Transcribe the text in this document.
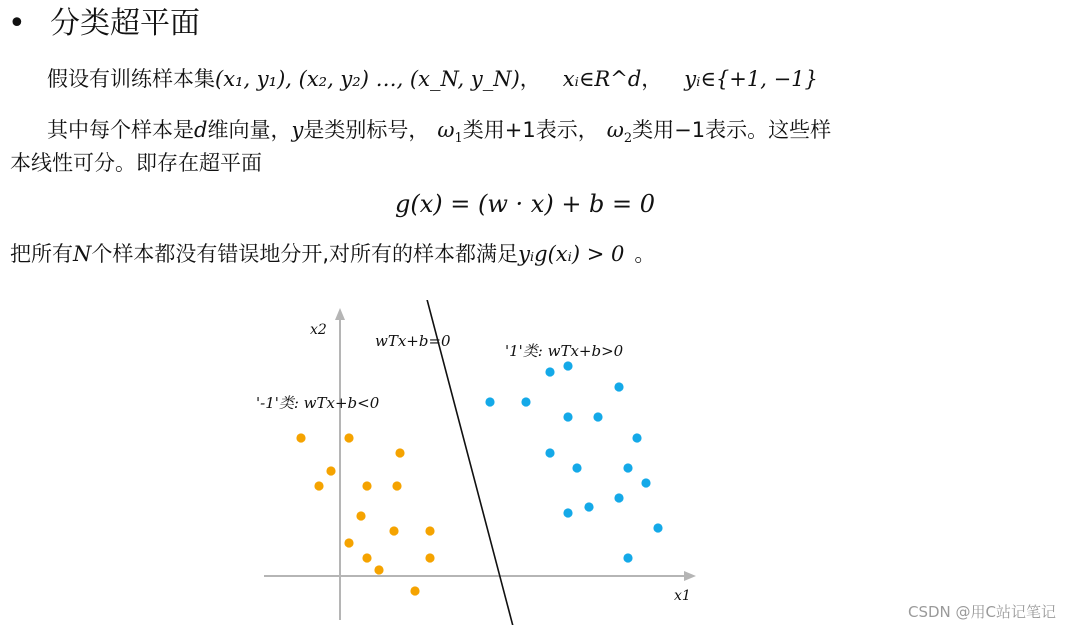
• 分类超平面
假设有训练样本集(x₁, y₁), (x₂, y₂) …, (x_N, y_N)， xᵢ∈R^d， yᵢ∈{+1, −1}
其中每个样本是d维向量，y是类别标号， $\omega_1$类用+1表示， $\omega_2$类用−1表示。这些样
本线性可分。即存在超平面
g(x) = (w · x) + b = 0
把所有N个样本都没有错误地分开,对所有的样本都满足yᵢg(xᵢ) > 0 。
x2
x1
wTx+b=0
'1'类: wTx+b>0
'-1'类: wTx+b<0
CSDN @用C站记笔记
